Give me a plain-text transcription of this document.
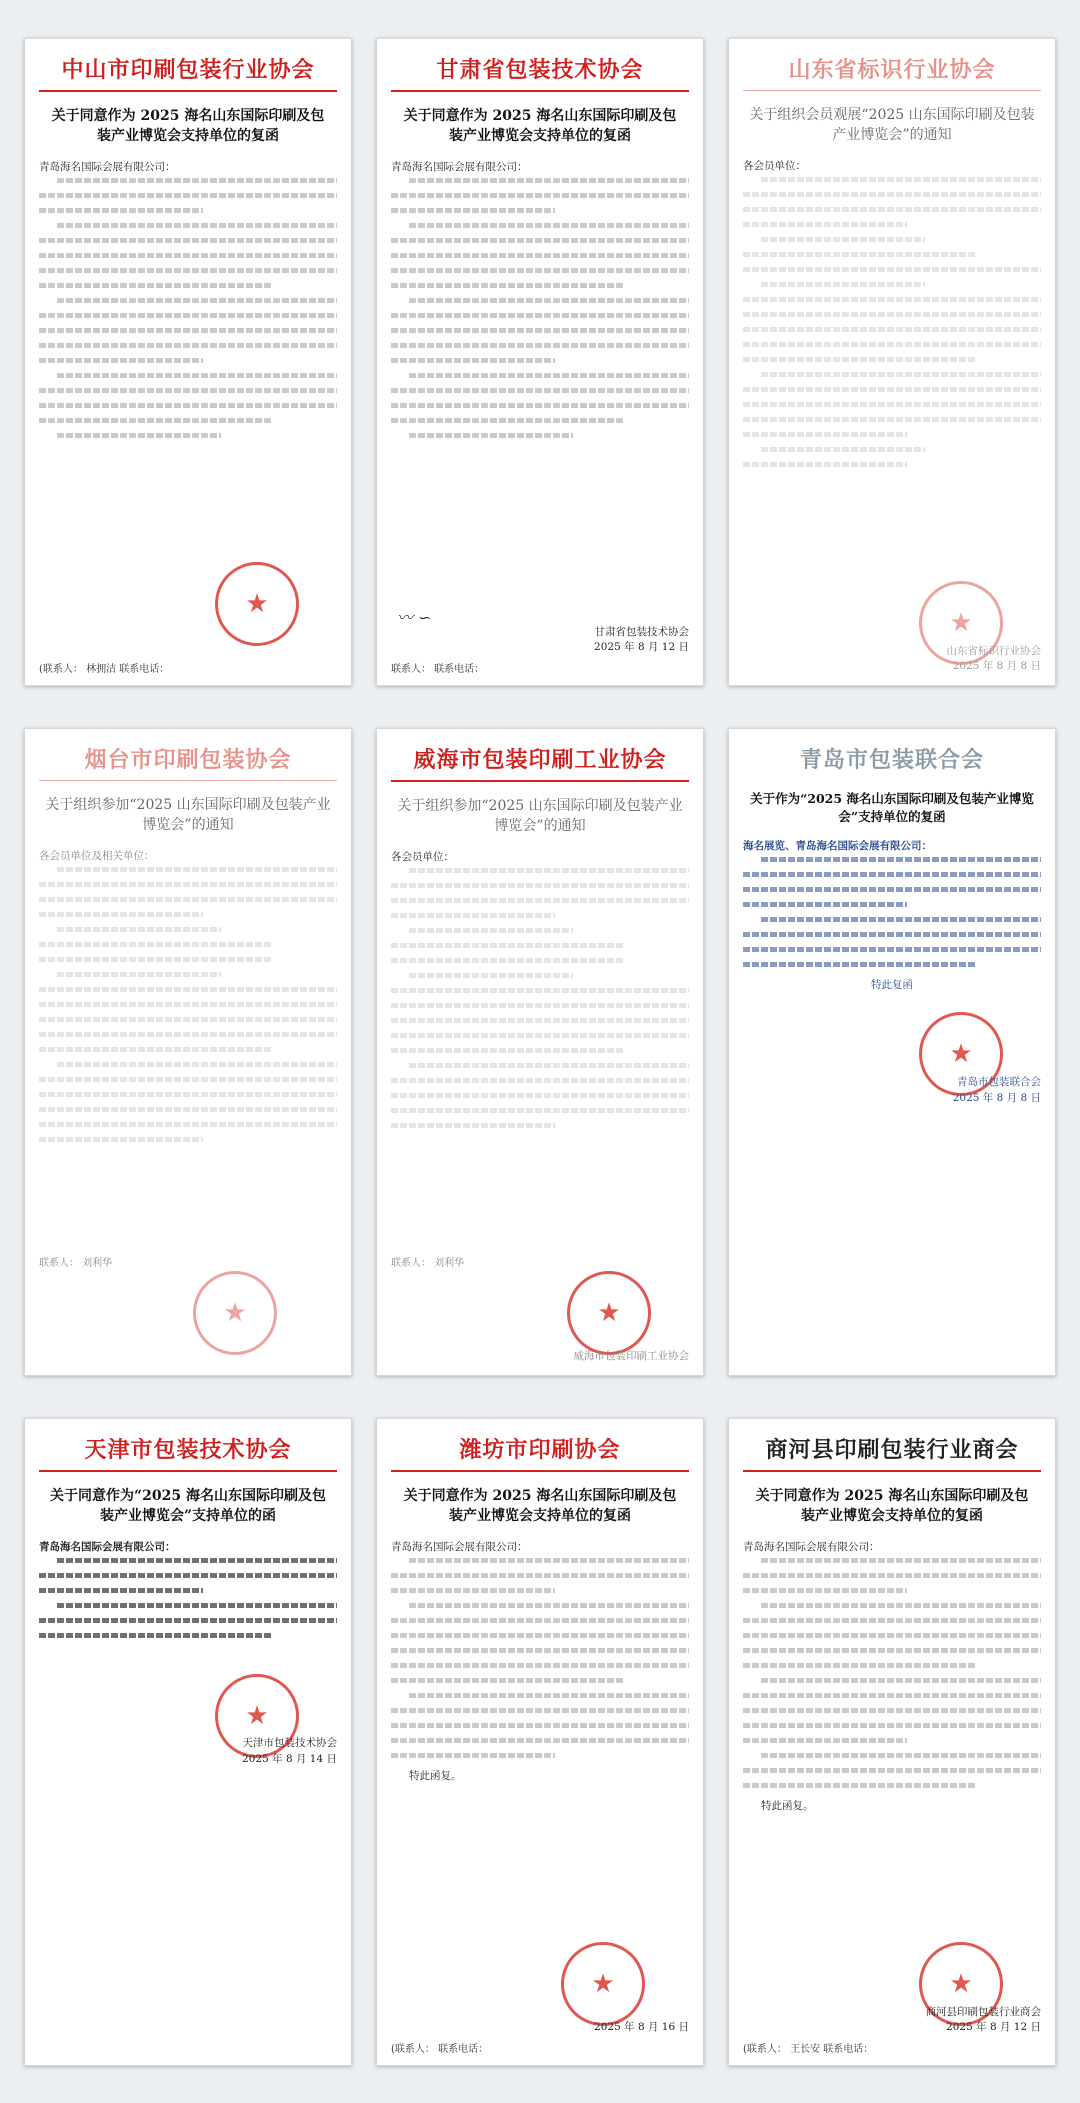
中山市印刷包装行业协会
关于同意作为 2025 海名山东国际印刷及包装产业博览会支持单位的复函
青岛海名国际会展有限公司：
★
(联系人： 林拥洁 联系电话：
甘肃省包装技术协会
关于同意作为 2025 海名山东国际印刷及包装产业博览会支持单位的复函
青岛海名国际会展有限公司：
〰 ∽
甘肃省包装技术协会
2025 年 8 月 12 日
联系人： 联系电话：
山东省标识行业协会
关于组织会员观展“2025 山东国际印刷及包装产业博览会”的通知
各会员单位：
★
山东省标识行业协会
2025 年 8 月 8 日
烟台市印刷包装协会
关于组织参加“2025 山东国际印刷及包装产业博览会”的通知
各会员单位及相关单位：
联系人： 刘利华
★
威海市包装印刷工业协会
关于组织参加“2025 山东国际印刷及包装产业博览会”的通知
各会员单位：
联系人： 刘利华
★
威海市包装印刷工业协会
青岛市包装联合会
关于作为“2025 海名山东国际印刷及包装产业博览会”支持单位的复函
海名展览、青岛海名国际会展有限公司：
特此复函
★
青岛市包装联合会
2025 年 8 月 8 日
天津市包装技术协会
关于同意作为“2025 海名山东国际印刷及包装产业博览会”支持单位的函
青岛海名国际会展有限公司：
★
天津市包装技术协会
2025 年 8 月 14 日
潍坊市印刷协会
关于同意作为 2025 海名山东国际印刷及包装产业博览会支持单位的复函
青岛海名国际会展有限公司：
特此函复。
★
2025 年 8 月 16 日
(联系人： 联系电话：
商河县印刷包装行业商会
关于同意作为 2025 海名山东国际印刷及包装产业博览会支持单位的复函
青岛海名国际会展有限公司：
特此函复。
★
商河县印刷包装行业商会
2025 年 8 月 12 日
(联系人： 王长安 联系电话：
